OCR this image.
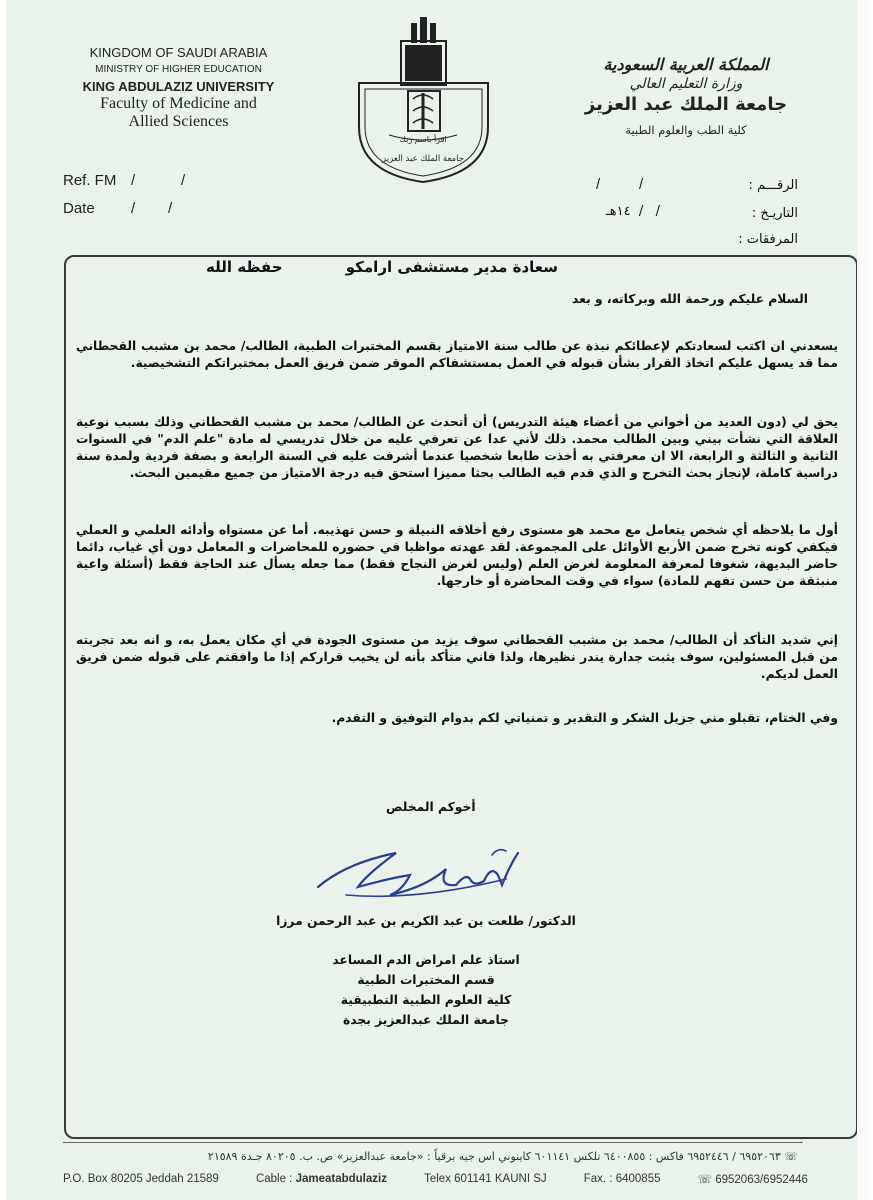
KINGDOM OF SAUDI ARABIA
MINISTRY OF HIGHER EDUCATION
KING ABDULAZIZ UNIVERSITY
Faculty of Medicine and
Allied Sciences
اقرأ باسم ربك
جامعة الملك عبد العزيز
المملكة العربية السعودية
وزارة التعليم العالي
جامعة الملك عبد العزيز
كلية الطب والعلوم الطبية
Ref. FM /	/
Date / /
الرقـــم :
/	/
التاريـخ :
/   /  ١٤هـ
المرفقات :
سعادة مدير مستشفى ارامكو
حفظه الله
السلام عليكم ورحمة الله وبركاته، و بعد
يسعدني ان اكتب لسعادتكم لإعطائكم نبذة عن طالب سنة الامتياز بقسم المختبرات الطبية، الطالب/ محمد بن مشبب القحطاني مما قد يسهل عليكم اتخاذ القرار بشأن قبوله في العمل بمستشفاكم الموقر ضمن فريق العمل بمختبراتكم التشخيصية.
يحق لي (دون العديد من أخواني من أعضاء هيئة التدريس) أن أتحدث عن الطالب/ محمد بن مشبب القحطاني وذلك بسبب نوعية العلاقة التي نشأت بيني وبين الطالب محمد. ذلك لأني عدا عن تعرفي عليه من خلال تدريسي له مادة "علم الدم" في السنوات الثانية و الثالثة و الرابعة، الا ان معرفتي به أخذت طابعا شخصيا عندما أشرفت عليه في السنة الرابعة و بصفة فردية ولمدة سنة دراسية كاملة، لإنجاز بحث التخرج و الذي قدم فيه الطالب بحثا مميزا استحق فيه درجة الامتياز من جميع مقيمين البحث.
أول ما يلاحظه أي شخص يتعامل مع محمد هو مستوى رفع أخلاقه النبيلة و حسن تهذيبه. أما عن مستواه وأدائه العلمي و العملي فيكفي كونه تخرج ضمن الأربع الأوائل على المجموعة. لقد عهدته مواظبا في حضوره للمحاضرات و المعامل دون أي غياب، دائما حاضر البديهة، شغوفا لمعرفة المعلومة لغرض العلم (وليس لغرض النجاح فقط) مما جعله يسأل عند الحاجة فقط (أسئلة واعية منبثقة من حسن تفهم للمادة) سواء في وقت المحاضرة أو خارجها.
إني شديد التأكد أن الطالب/ محمد بن مشبب القحطاني سوف يزيد من مستوى الجودة في أي مكان يعمل به، و انه بعد تجربته من قبل المسئولين، سوف يثبت جدارة يندر نظيرها، ولذا فاني متأكد بأنه لن يخيب قراركم إذا ما وافقتم على قبوله ضمن فريق العمل لديكم.
وفي الختام، تقبلو مني جزيل الشكر و التقدير و تمنياتي لكم بدوام التوفيق و التقدم.
أخوكم المخلص
الدكتور/ طلعت بن عبد الكريم بن عبد الرحمن مرزا
استاذ علم امراض الدم المساعد
قسم المختبرات الطبية
كلية العلوم الطبية التطبيقية
جامعة الملك عبدالعزيز بجدة
☏ ٦٩٥٢٠٦٣ / ٦٩٥٢٤٤٦ فاكس : ٦٤٠٠٨٥٥ تلكس ٦٠١١٤١ كاينوني اس جيه برقياً : «جامعة عبدالعزيز» ص. ب. ٨٠٢٠٥ جـدة ٢١٥٨٩
P.O. Box 80205 Jeddah 21589	Cable : Jameatabdulaziz	Telex 601141 KAUNI SJ	Fax. : 6400855	☏ 6952063/6952446
